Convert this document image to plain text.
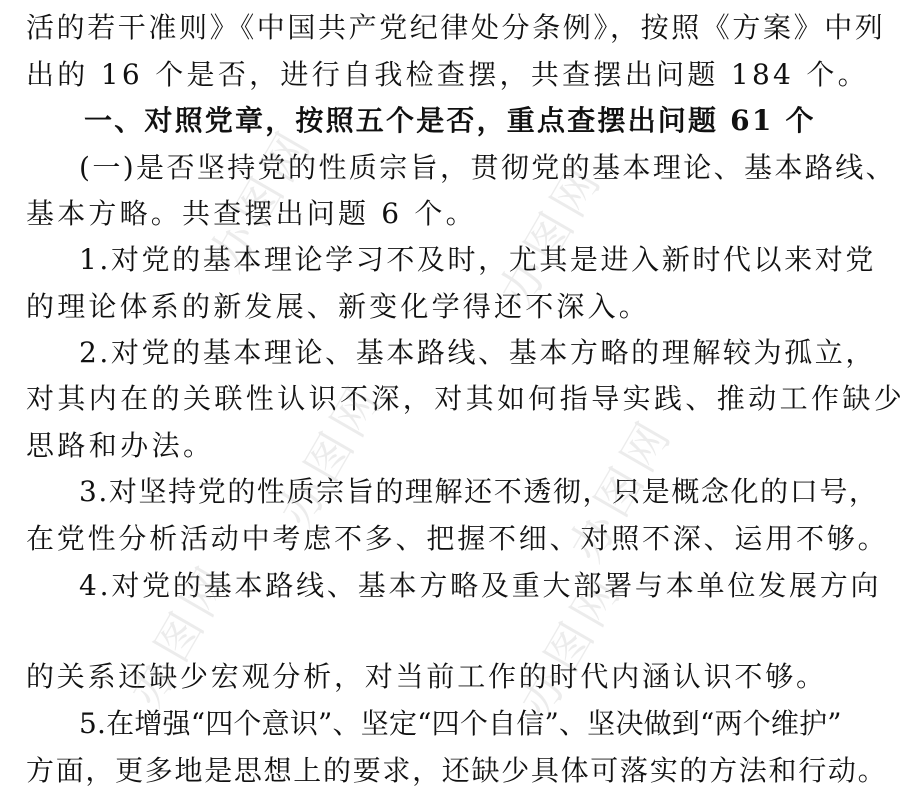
活的若干准则》《中国共产党纪律处分条例》，按照《方案》中列
出的 16 个是否，进行自我检查摆，共查摆出问题 184 个。
一、对照党章，按照五个是否，重点查摆出问题 61 个
(一)是否坚持党的性质宗旨，贯彻党的基本理论、基本路线、
基本方略。共查摆出问题 6 个。
1.对党的基本理论学习不及时，尤其是进入新时代以来对党
的理论体系的新发展、新变化学得还不深入。
2.对党的基本理论、基本路线、基本方略的理解较为孤立，
对其内在的关联性认识不深，对其如何指导实践、推动工作缺少
思路和办法。
3.对坚持党的性质宗旨的理解还不透彻，只是概念化的口号，
在党性分析活动中考虑不多、把握不细、对照不深、运用不够。
4.对党的基本路线、基本方略及重大部署与本单位发展方向
的关系还缺少宏观分析，对当前工作的时代内涵认识不够。
5.在增强“四个意识”、坚定“四个自信”、坚决做到“两个维护”
方面，更多地是思想上的要求，还缺少具体可落实的方法和行动。
办图网	办图网
办图网	办图网
办图网	办图网
